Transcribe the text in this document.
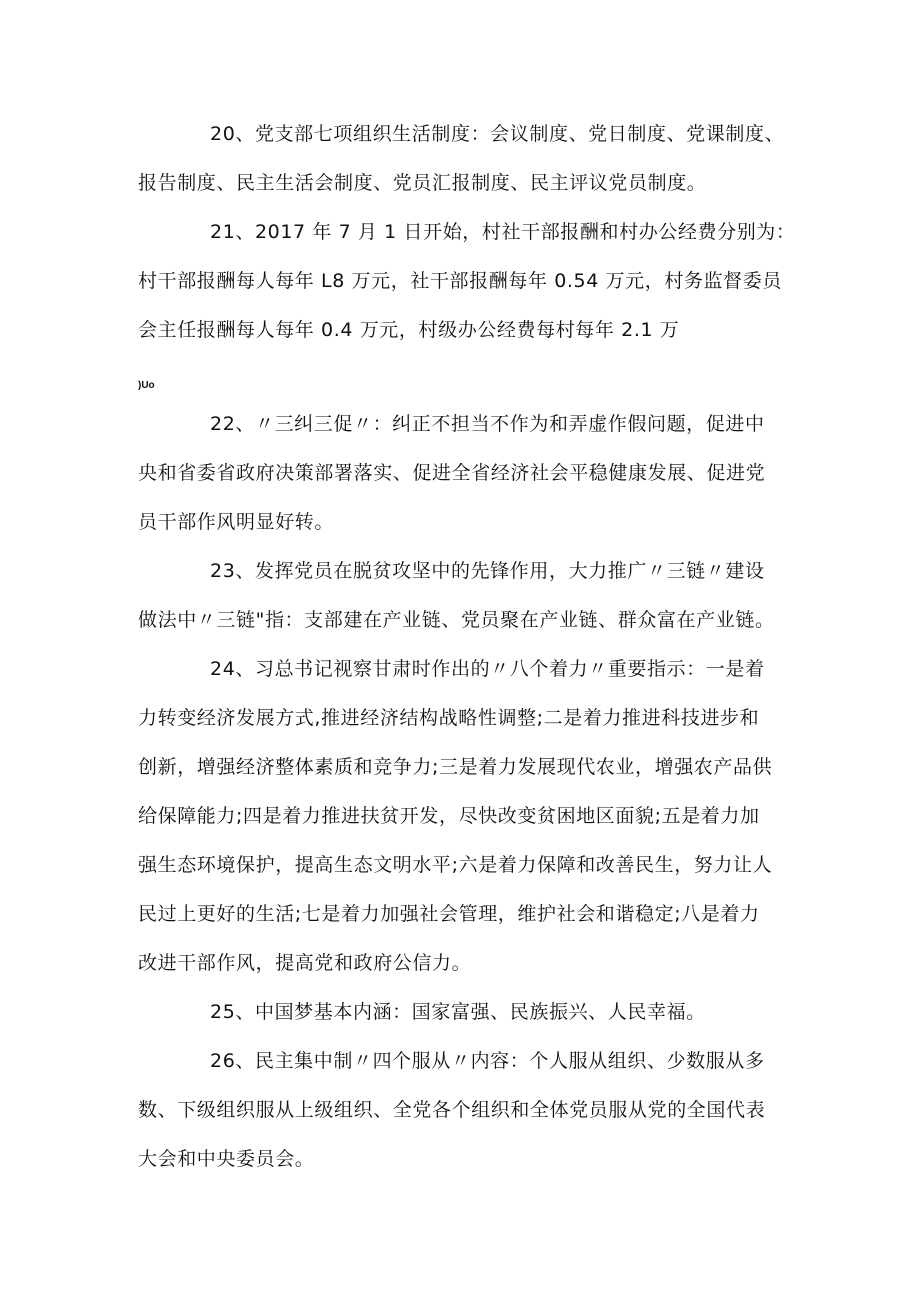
20、党支部七项组织生活制度：会议制度、党日制度、党课制度、
报告制度、民主生活会制度、党员汇报制度、民主评议党员制度。
21、2017 年 7 月 1 日开始，村社干部报酬和村办公经费分别为：
村干部报酬每人每年 L8 万元，社干部报酬每年 0.54 万元，村务监督委员
会主任报酬每人每年 0.4 万元，村级办公经费每村每年 2.1 万
)Uo
22、〃三纠三促〃：纠正不担当不作为和弄虚作假问题，促进中
央和省委省政府决策部署落实、促进全省经济社会平稳健康发展、促进党
员干部作风明显好转。
23、发挥党员在脱贫攻坚中的先锋作用，大力推广〃三链〃建设
做法中〃三链"指：支部建在产业链、党员聚在产业链、群众富在产业链。
24、习总书记视察甘肃时作出的〃八个着力〃重要指示：一是着
力转变经济发展方式,推进经济结构战略性调整;二是着力推进科技进步和
创新，增强经济整体素质和竞争力;三是着力发展现代农业，增强农产品供
给保障能力;四是着力推进扶贫开发，尽快改变贫困地区面貌;五是着力加
强生态环境保护，提高生态文明水平;六是着力保障和改善民生，努力让人
民过上更好的生活;七是着力加强社会管理，维护社会和谐稳定;八是着力
改进干部作风，提高党和政府公信力。
25、中国梦基本内涵：国家富强、民族振兴、人民幸福。
26、民主集中制〃四个服从〃内容：个人服从组织、少数服从多
数、下级组织服从上级组织、全党各个组织和全体党员服从党的全国代表
大会和中央委员会。
